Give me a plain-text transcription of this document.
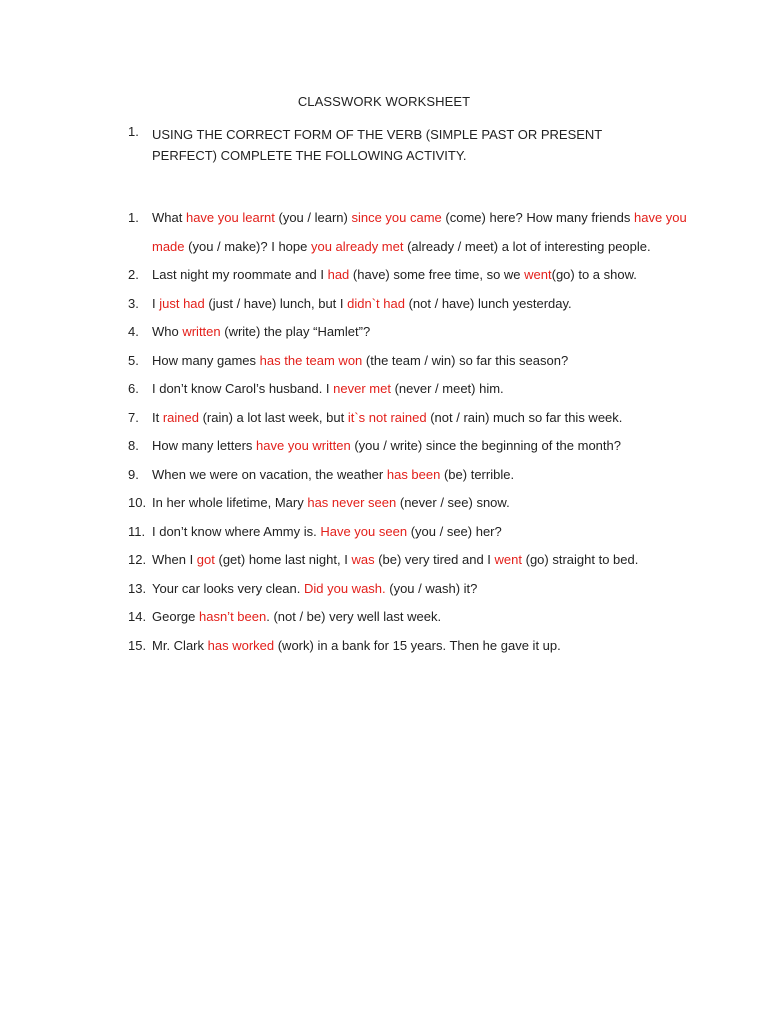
CLASSWORK WORKSHEET
1. USING THE CORRECT FORM OF THE VERB (SIMPLE PAST OR PRESENT PERFECT) COMPLETE THE FOLLOWING ACTIVITY.
1. What have you learnt (you / learn) since you came (come) here? How many friends have you made (you / make)? I hope you already met (already / meet) a lot of interesting people.
2. Last night my roommate and I had (have) some free time, so we went(go) to a show.
3. I just had (just / have) lunch, but I didn`t had (not / have) lunch yesterday.
4. Who written (write) the play “Hamlet”?
5. How many games has the team won (the team / win) so far this season?
6. I don’t know Carol’s husband. I never met (never / meet) him.
7. It rained (rain) a lot last week, but it`s not rained (not / rain) much so far this week.
8. How many letters have you written (you / write) since the beginning of the month?
9. When we were on vacation, the weather has been (be) terrible.
10. In her whole lifetime, Mary has never seen (never / see) snow.
11. I don’t know where Ammy is. Have you seen (you / see) her?
12. When I got (get) home last night, I was (be) very tired and I went (go) straight to bed.
13. Your car looks very clean. Did you wash. (you / wash) it?
14. George hasn’t been. (not / be) very well last week.
15. Mr. Clark has worked (work) in a bank for 15 years. Then he gave it up.
